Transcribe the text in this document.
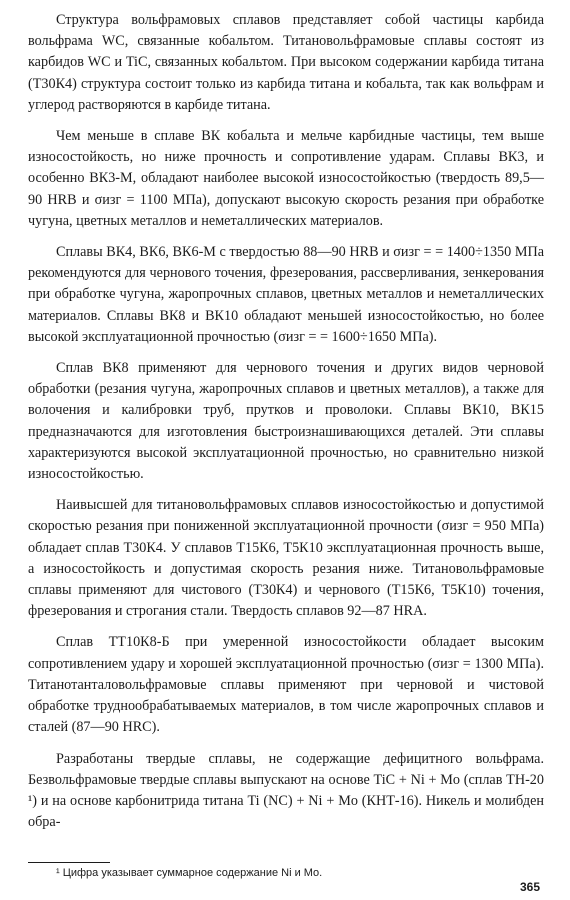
Структура вольфрамовых сплавов представляет собой частицы карбида вольфрама WC, связанные кобальтом. Титановольфрамовые сплавы состоят из карбидов WC и TiC, связанных кобальтом. При высоком содержании карбида титана (Т30К4) структура состоит только из карбида титана и кобальта, так как вольфрам и углерод растворяются в карбиде титана.

Чем меньше в сплаве ВК кобальта и мельче карбидные частицы, тем выше износостойкость, но ниже прочность и сопротивление ударам. Сплавы ВК3, и особенно ВК3-М, обладают наиболее высокой износостойкостью (твердость 89,5—90 HRB и σизг = 1100 МПа), допускают высокую скорость резания при обработке чугуна, цветных металлов и неметаллических материалов.

Сплавы ВК4, ВК6, ВК6-М с твердостью 88—90 HRB и σизг = = 1400÷1350 МПа рекомендуются для чернового точения, фрезерования, рассверливания, зенкерования при обработке чугуна, жаропрочных сплавов, цветных металлов и неметаллических материалов. Сплавы ВК8 и ВК10 обладают меньшей износостойкостью, но более высокой эксплуатационной прочностью (σизг = = 1600÷1650 МПа).

Сплав ВК8 применяют для чернового точения и других видов черновой обработки (резания чугуна, жаропрочных сплавов и цветных металлов), а также для волочения и калибровки труб, прутков и проволоки. Сплавы ВК10, ВК15 предназначаются для изготовления быстроизнашивающихся деталей. Эти сплавы характеризуются высокой эксплуатационной прочностью, но сравнительно низкой износостойкостью.

Наивысшей для титановольфрамовых сплавов износостойкостью и допустимой скоростью резания при пониженной эксплуатационной прочности (σизг = 950 МПа) обладает сплав Т30К4. У сплавов Т15К6, Т5К10 эксплуатационная прочность выше, а износостойкость и допустимая скорость резания ниже. Титановольфрамовые сплавы применяют для чистового (Т30К4) и чернового (Т15К6, Т5К10) точения, фрезерования и строгания стали. Твердость сплавов 92—87 HRA.

Сплав ТТ10К8-Б при умеренной износостойкости обладает высоким сопротивлением удару и хорошей эксплуатационной прочностью (σизг = 1300 МПа). Титанотанталовольфрамовые сплавы применяют при черновой и чистовой обработке труднообрабатываемых материалов, в том числе жаропрочных сплавов и сталей (87—90 HRC).

Разработаны твердые сплавы, не содержащие дефицитного вольфрама. Безвольфрамовые твердые сплавы выпускают на основе TiC + Ni + Mo (сплав ТН-20 ¹) и на основе карбонитрида титана Ti (NC) + Ni + Mo (КНТ-16). Никель и молибден обра-

¹ Цифра указывает суммарное содержание Ni и Mo.
365
